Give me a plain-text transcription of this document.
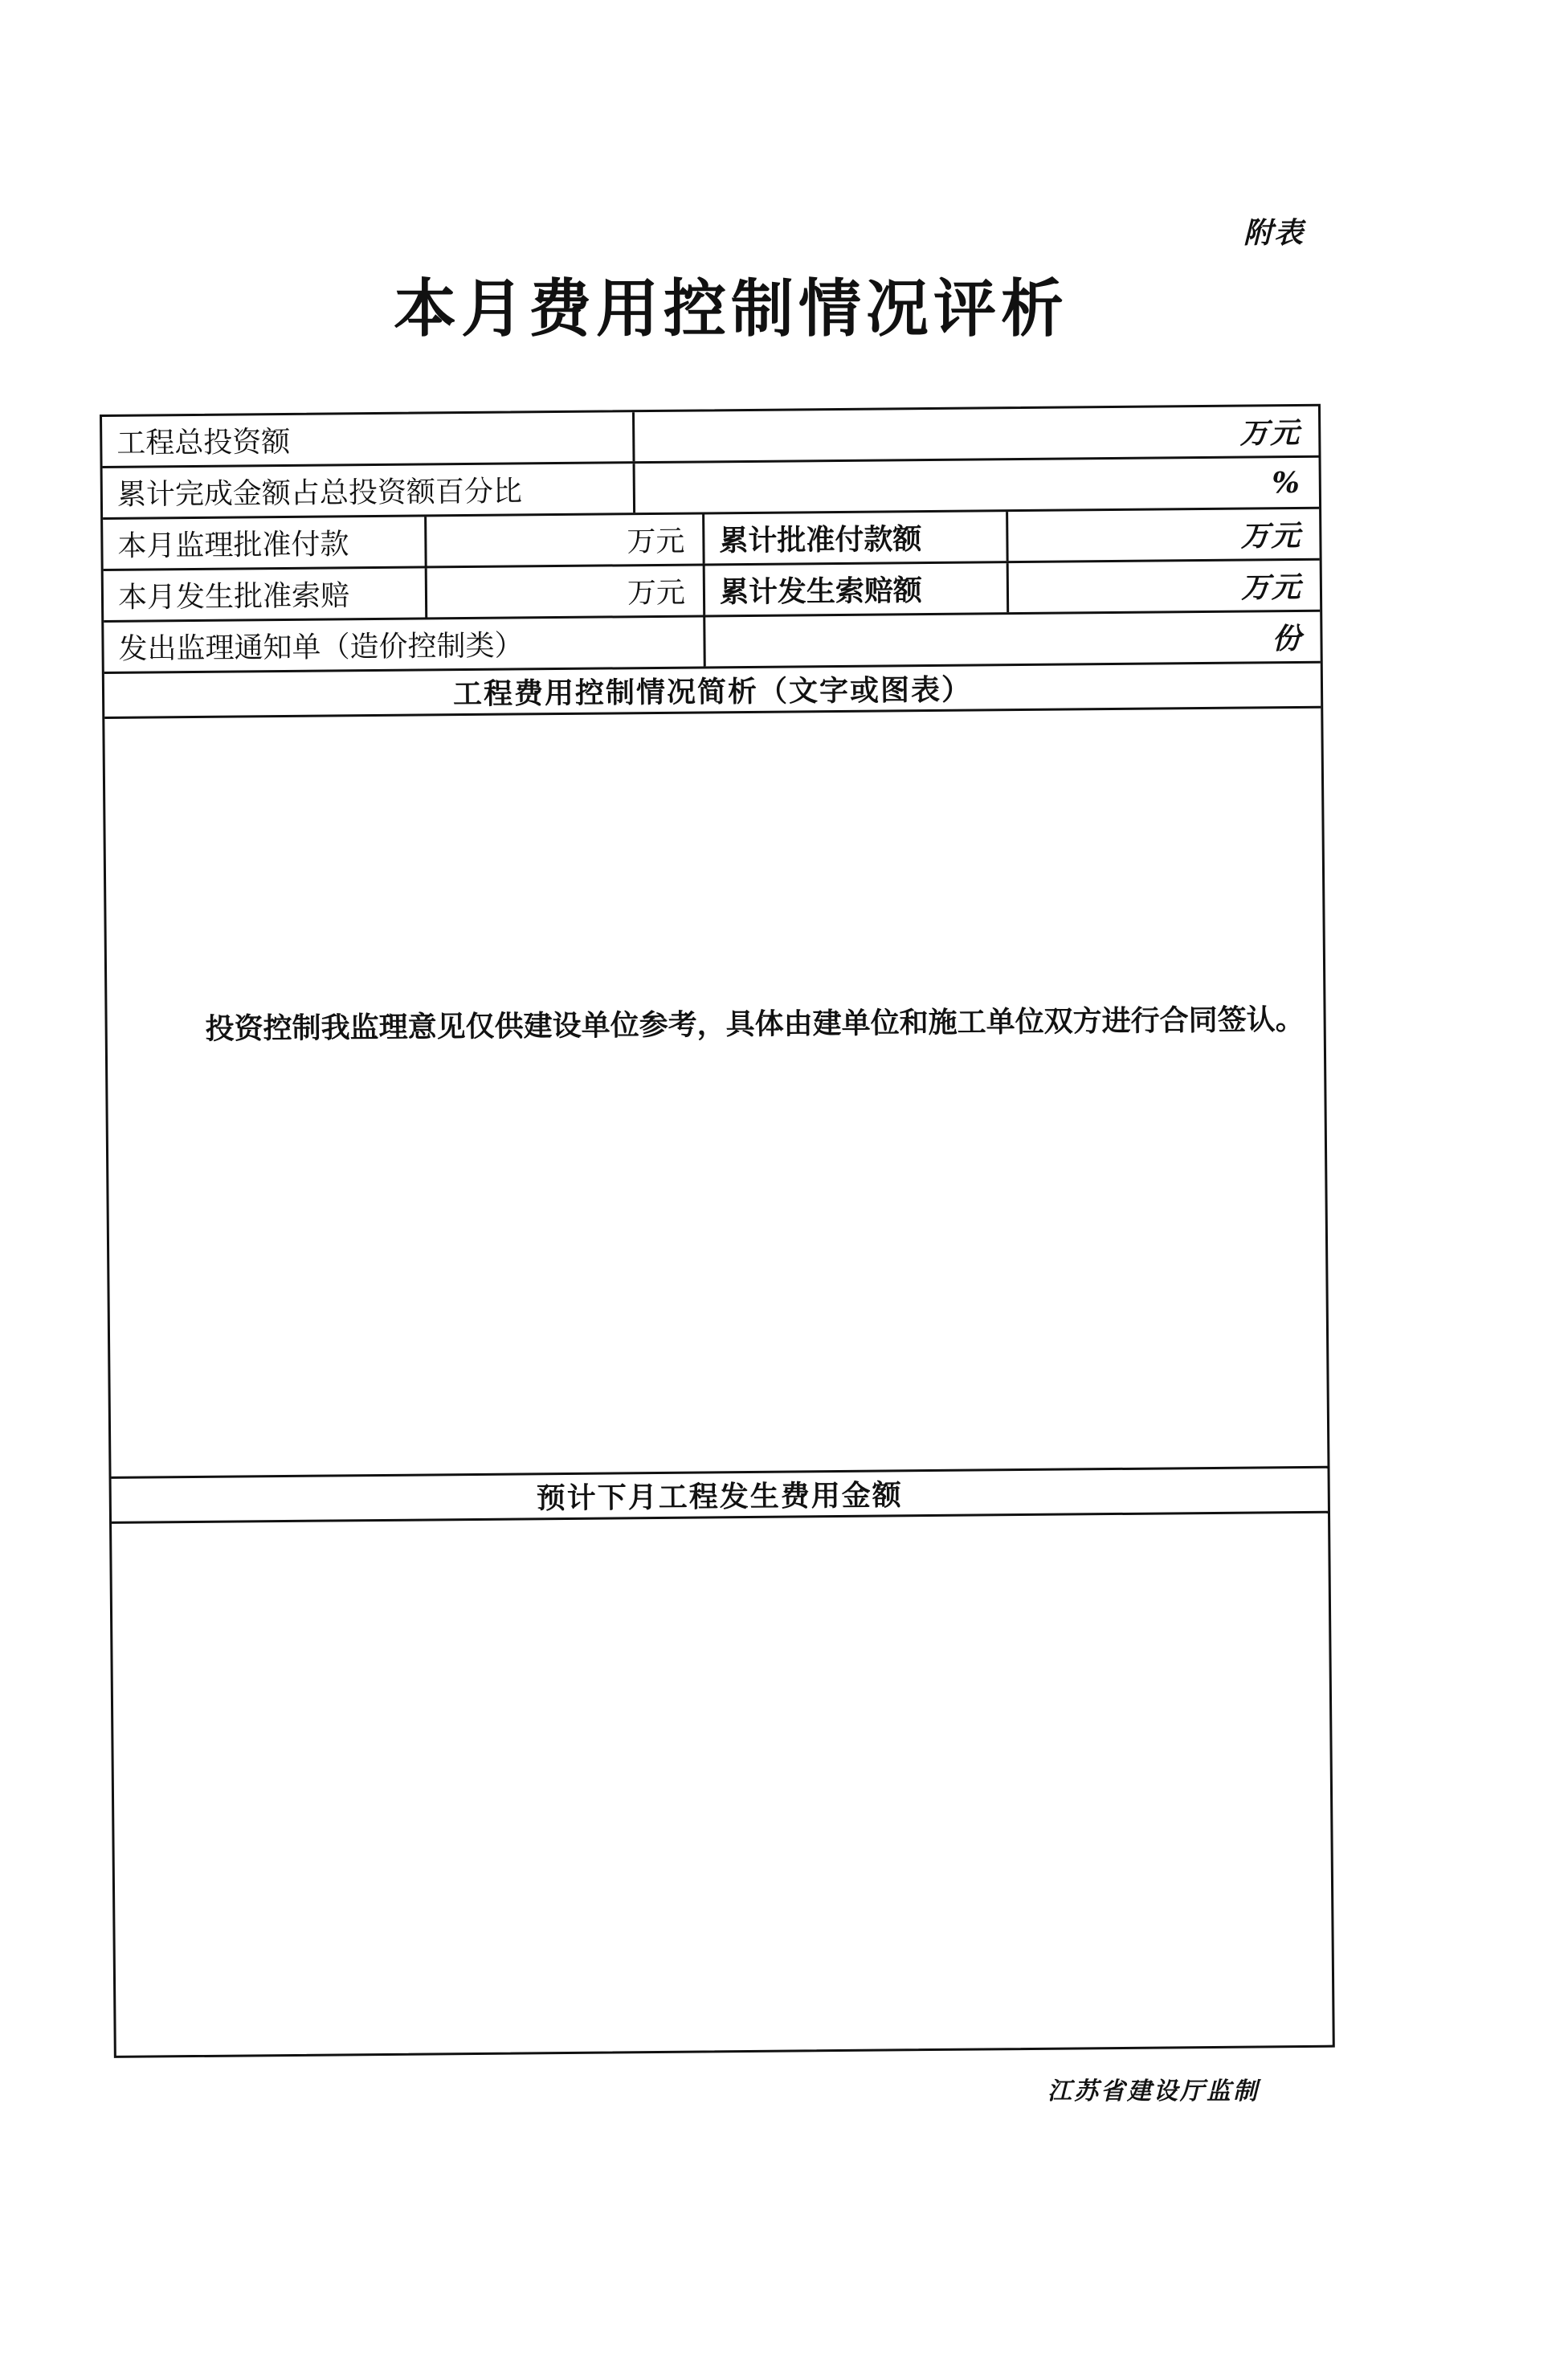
附表
本月费用控制情况评析
工程总投资额	万元
累计完成金额占总投资额百分比	%
本月监理批准付款	万元	累计批准付款额	万元
本月发生批准索赔	万元	累计发生索赔额	万元
发出监理通知单（造价控制类）	份
工程费用控制情况简析（文字或图表）

投资控制我监理意见仅供建设单位参考，具体由建单位和施工单位双方进行合同签认。

预计下月工程发生费用金额
江苏省建设厅监制
